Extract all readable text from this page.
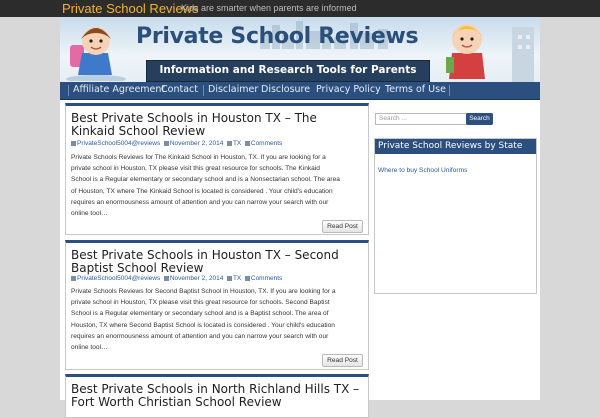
Private School Reviews
Kids are smarter when parents are informed
Private School Reviews
Information and Research Tools for Parents
Affiliate Agreement
Contact Disclaimer Disclosure Privacy Policy Terms of Use
Best Private Schools in Houston TX – The Kinkaid School Review
PrivateSchool5004@reviews November 2, 2014 TX Comments
Private Schools Reviews for The Kinkaid School in Houston, TX. If you are looking for a
private school in Houston, TX please visit this great resource for schools. The Kinkaid
School is a Regular elementary or secondary school and is a Nonsectarian school. The area
of Houston, TX where The Kinkaid School is located is considered . Your child's education
requires an enormousness amount of attention and you can narrow your search with our
online tool…
Read Post
Best Private Schools in Houston TX – Second Baptist School Review
PrivateSchool5004@reviews November 2, 2014 TX Comments
Private Schools Reviews for Second Baptist School in Houston, TX. If you are looking for a
private school in Houston, TX please visit this great resource for schools. Second Baptist
School is a Regular elementary or secondary school and is a Baptist school. The area of
Houston, TX where Second Baptist School is located is considered . Your child's education
requires an enormousness amount of attention and you can narrow your search with our
online tool…
Read Post
Best Private Schools in North Richland Hills TX – Fort Worth Christian School Review
Search ...	Search
Private School Reviews by State
Where to buy School Uniforms
